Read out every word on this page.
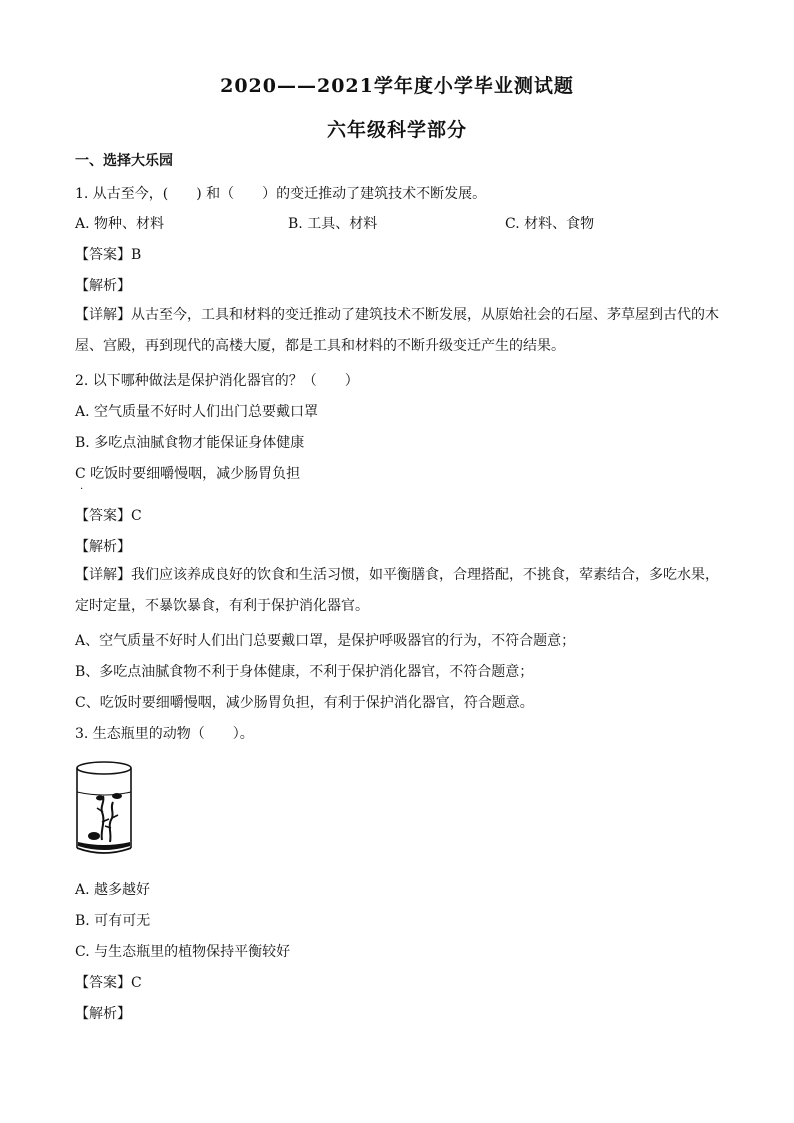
2020——2021学年度小学毕业测试题
六年级科学部分
一、选择大乐园
1. 从古至今，(　　) 和（　　）的变迁推动了建筑技术不断发展。
A. 物种、材料	B. 工具、材料	C. 材料、食物
【答案】B
【解析】
【详解】从古至今，工具和材料的变迁推动了建筑技术不断发展，从原始社会的石屋、茅草屋到古代的木屋、宫殿，再到现代的高楼大厦，都是工具和材料的不断升级变迁产生的结果。
2. 以下哪种做法是保护消化器官的？（　　）
A. 空气质量不好时人们出门总要戴口罩
B. 多吃点油腻食物才能保证身体健康
C 吃饭时要细嚼慢咽，减少肠胃负担
·
【答案】C
【解析】
【详解】我们应该养成良好的饮食和生活习惯，如平衡膳食，合理搭配，不挑食，荤素结合，多吃水果，定时定量，不暴饮暴食，有利于保护消化器官。
A、空气质量不好时人们出门总要戴口罩，是保护呼吸器官的行为，不符合题意；
B、多吃点油腻食物不利于身体健康，不利于保护消化器官，不符合题意；
C、吃饭时要细嚼慢咽，减少肠胃负担，有利于保护消化器官，符合题意。
3. 生态瓶里的动物（　　）。
A. 越多越好
B. 可有可无
C. 与生态瓶里的植物保持平衡较好
【答案】C
【解析】
